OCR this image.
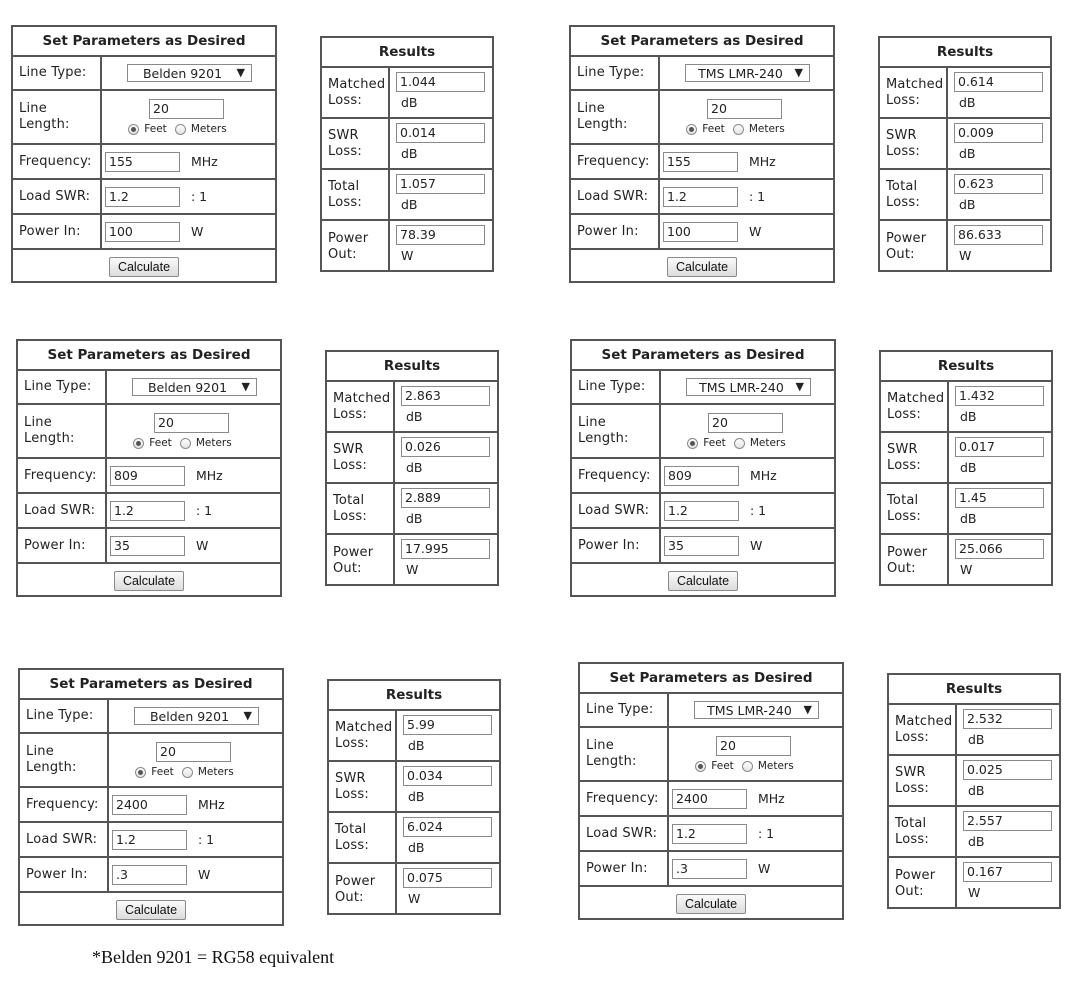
Set Parameters as Desired
Line Type:	Belden 9201 ▼
Line Length:
20
Feet Meters
Frequency:	155	MHz
Load SWR:	1.2	: 1
Power In:	100	W
Calculate
Results
Matched Loss:
1.044
dB
SWR Loss:
0.014
dB
Total Loss:
1.057
dB
Power Out:
78.39
W
Set Parameters as Desired
Line Type:	TMS LMR-240 ▼
Line Length:
20
Feet Meters
Frequency:	155	MHz
Load SWR:	1.2	: 1
Power In:	100	W
Calculate
Results
Matched Loss:
0.614
dB
SWR Loss:
0.009
dB
Total Loss:
0.623
dB
Power Out:
86.633
W
Set Parameters as Desired
Line Type:	Belden 9201 ▼
Line Length:
20
Feet Meters
Frequency:	809	MHz
Load SWR:	1.2	: 1
Power In:	35	W
Calculate
Results
Matched Loss:
2.863
dB
SWR Loss:
0.026
dB
Total Loss:
2.889
dB
Power Out:
17.995
W
Set Parameters as Desired
Line Type:	TMS LMR-240 ▼
Line Length:
20
Feet Meters
Frequency:	809	MHz
Load SWR:	1.2	: 1
Power In:	35	W
Calculate
Results
Matched Loss:
1.432
dB
SWR Loss:
0.017
dB
Total Loss:
1.45
dB
Power Out:
25.066
W
Set Parameters as Desired
Line Type:	Belden 9201 ▼
Line Length:
20
Feet Meters
Frequency:	2400	MHz
Load SWR:	1.2	: 1
Power In:	.3	W
Calculate
Results
Matched Loss:
5.99
dB
SWR Loss:
0.034
dB
Total Loss:
6.024
dB
Power Out:
0.075
W
Set Parameters as Desired
Line Type:	TMS LMR-240 ▼
Line Length:
20
Feet Meters
Frequency:	2400	MHz
Load SWR:	1.2	: 1
Power In:	.3	W
Calculate
Results
Matched Loss:
2.532
dB
SWR Loss:
0.025
dB
Total Loss:
2.557
dB
Power Out:
0.167
W
*Belden 9201 = RG58 equivalent
